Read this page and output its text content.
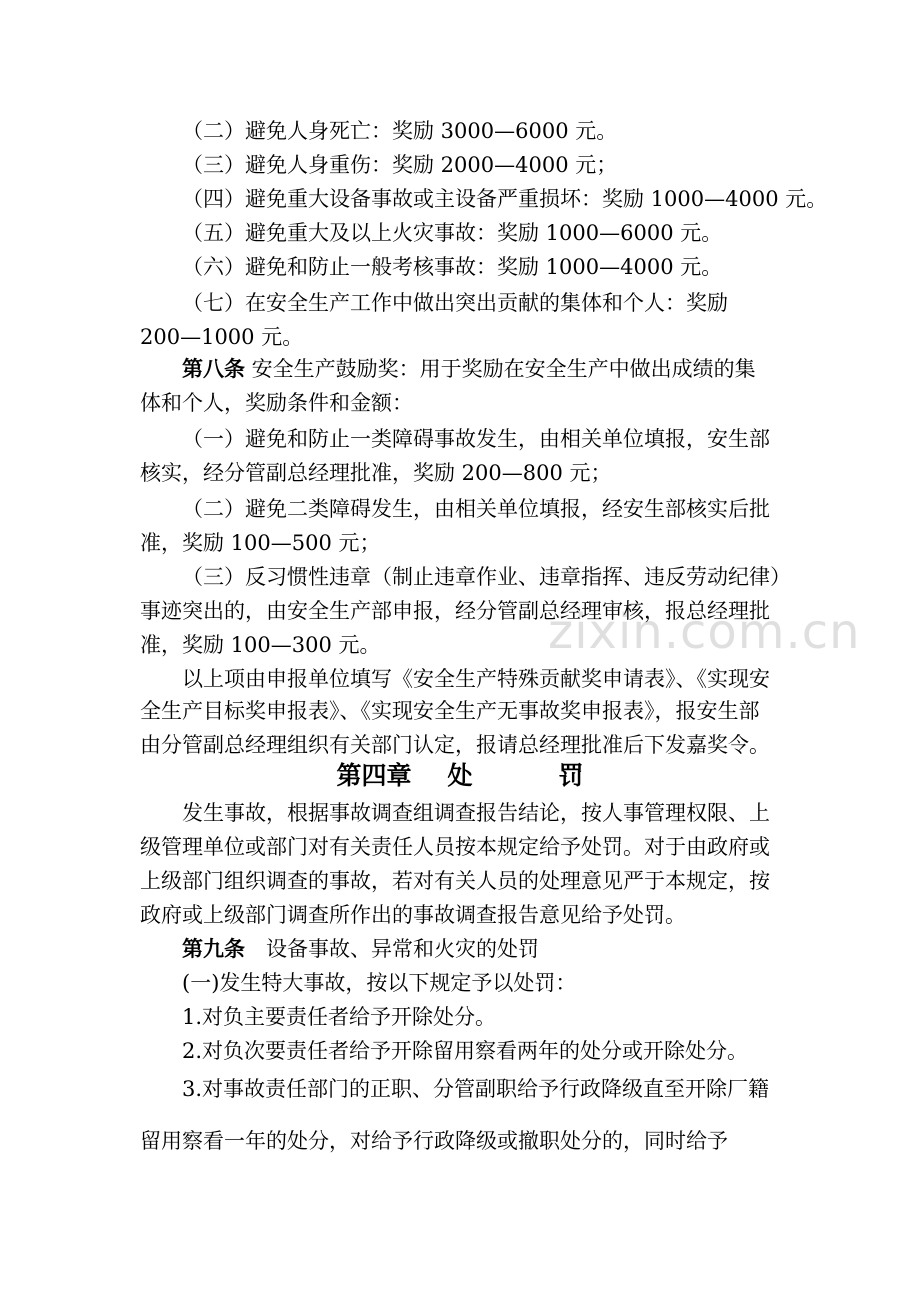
（二）避免人身死亡：奖励 3000—6000 元。
（三）避免人身重伤：奖励 2000—4000 元；
（四）避免重大设备事故或主设备严重损坏：奖励 1000—4000 元。
（五）避免重大及以上火灾事故：奖励 1000—6000 元。
（六）避免和防止一般考核事故：奖励 1000—4000 元。
（七）在安全生产工作中做出突出贡献的集体和个人：奖励
200—1000 元。
第八条 安全生产鼓励奖：用于奖励在安全生产中做出成绩的集
体和个人，奖励条件和金额：
（一）避免和防止一类障碍事故发生，由相关单位填报，安生部
核实，经分管副总经理批准，奖励 200—800 元；
（二）避免二类障碍发生，由相关单位填报，经安生部核实后批
准，奖励 100—500 元；
（三）反习惯性违章（制止违章作业、违章指挥、违反劳动纪律）
事迹突出的，由安全生产部申报，经分管副总经理审核，报总经理批
准，奖励 100—300 元。
以上项由申报单位填写《安全生产特殊贡献奖申请表》、《实现安
全生产目标奖申报表》、《实现安全生产无事故奖申报表》，报安生部
由分管副总经理组织有关部门认定，报请总经理批准后下发嘉奖令。
第四章 处	罚
发生事故，根据事故调查组调查报告结论，按人事管理权限、上
级管理单位或部门对有关责任人员按本规定给予处罚。对于由政府或
上级部门组织调查的事故，若对有关人员的处理意见严于本规定，按
政府或上级部门调查所作出的事故调查报告意见给予处罚。
第九条　设备事故、异常和火灾的处罚
(一)发生特大事故，按以下规定予以处罚：
1.对负主要责任者给予开除处分。
2.对负次要责任者给予开除留用察看两年的处分或开除处分。
3.对事故责任部门的正职、分管副职给予行政降级直至开除厂籍
留用察看一年的处分，对给予行政降级或撤职处分的，同时给予
zixin.com.cn
